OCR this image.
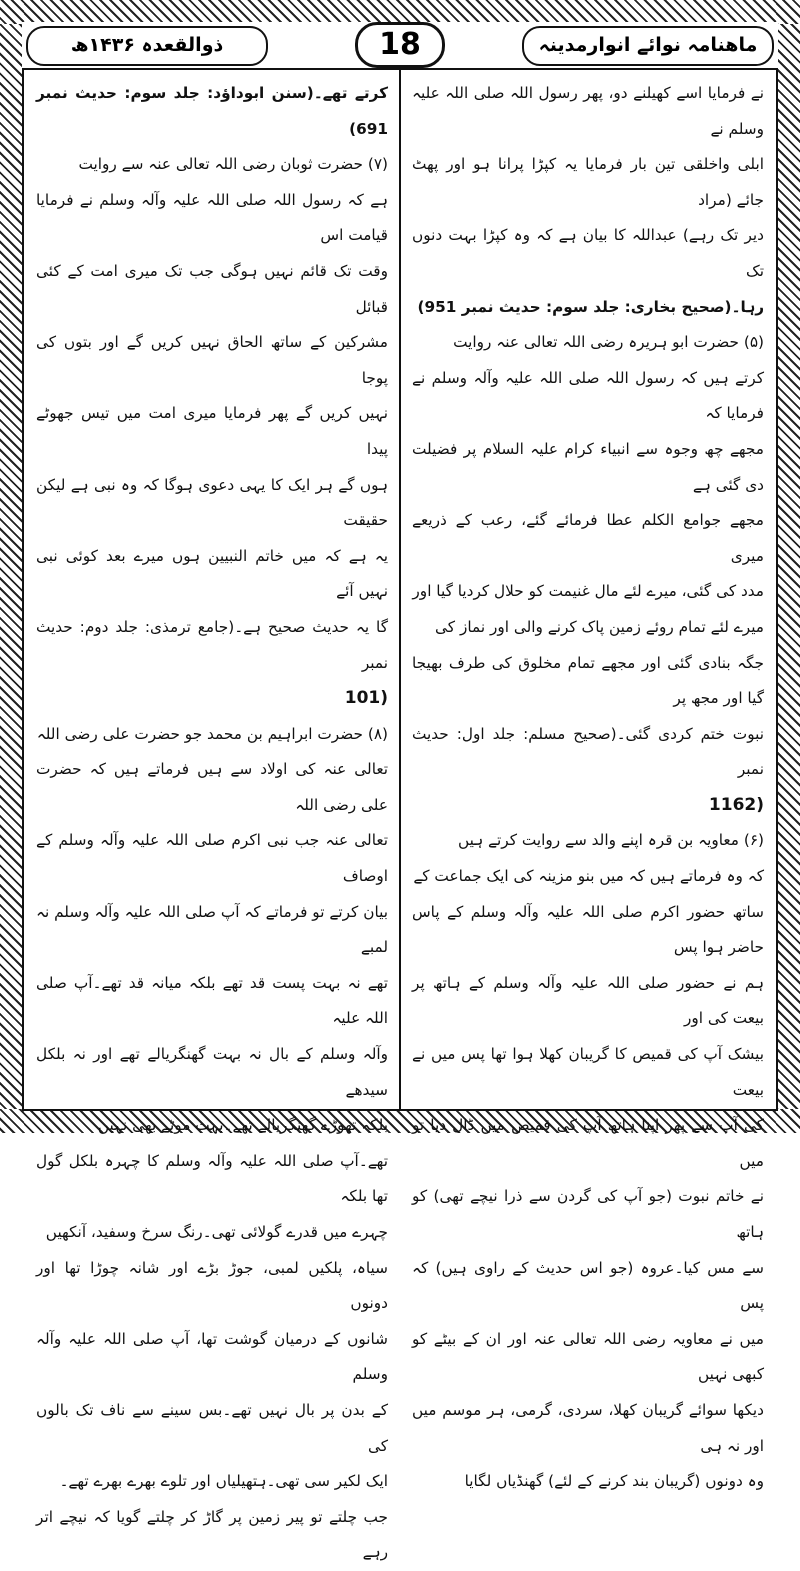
ماھنامہ نوائے انوارمدینہ
18
ذوالقعدہ ۱۴۳۶ھ

نے فرمایا اسے کھیلنے دو، پھر رسول اللہ صلی اللہ علیہ وسلم نے

ابلی واخلقی تین بار فرمایا یہ کپڑا پرانا ہو اور پھٹ جائے (مراد

دیر تک رہے) عبداللہ کا بیان ہے کہ وہ کپڑا بہت دنوں تک

رہا۔(صحیح بخاری: جلد سوم: حدیث نمبر 951)

(۵) حضرت ابو ہریرہ رضی اللہ تعالی عنہ روایت

کرتے ہیں کہ رسول اللہ صلی اللہ علیہ وآلہ وسلم نے فرمایا کہ

مجھے چھ وجوہ سے انبیاء کرام علیہ السلام پر فضیلت دی گئی ہے

مجھے جوامع الکلم عطا فرمائے گئے، رعب کے ذریعے میری

مدد کی گئی، میرے لئے مال غنیمت کو حلال کردیا گیا اور

میرے لئے تمام روئے زمین پاک کرنے والی اور نماز کی

جگہ بنادی گئی اور مجھے تمام مخلوق کی طرف بھیجا گیا اور مجھ پر

نبوت ختم کردی گئی۔(صحیح مسلم: جلد اول: حدیث نمبر

1162)

(۶) معاویہ بن قرہ اپنے والد سے روایت کرتے ہیں

کہ وہ فرماتے ہیں کہ میں بنو مزینہ کی ایک جماعت کے

ساتھ حضور اکرم صلی اللہ علیہ وآلہ وسلم کے پاس حاضر ہوا پس

ہم نے حضور صلی اللہ علیہ وآلہ وسلم کے ہاتھ پر بیعت کی اور

بیشک آپ کی قمیص کا گریبان کھلا ہوا تھا پس میں نے بیعت

کی آپ سے پھر اپنا ہاتھ آپ کی قمیص میں ڈال دیا تو میں

نے خاتم نبوت (جو آپ کی گردن سے ذرا نیچے تھی) کو ہاتھ

سے مس کیا۔عروہ (جو اس حدیث کے راوی ہیں) کہ پس

میں نے معاویہ رضی اللہ تعالی عنہ اور ان کے بیٹے کو کبھی نہیں

دیکھا سوائے گریبان کھلا، سردی، گرمی، ہر موسم میں اور نہ ہی

وہ دونوں (گریبان بند کرنے کے لئے) گھنڈیاں لگایا

کرتے تھے۔(سنن ابوداؤد: جلد سوم: حدیث نمبر 691)

(۷) حضرت ثوبان رضی اللہ تعالی عنہ سے روایت

ہے کہ رسول اللہ صلی اللہ علیہ وآلہ وسلم نے فرمایا قیامت اس

وقت تک قائم نہیں ہوگی جب تک میری امت کے کئی قبائل

مشرکین کے ساتھ الحاق نہیں کریں گے اور بتوں کی پوجا

نہیں کریں گے پھر فرمایا میری امت میں تیس جھوٹے پیدا

ہوں گے ہر ایک کا یہی دعوی ہوگا کہ وہ نبی ہے لیکن حقیقت

یہ ہے کہ میں خاتم النبیین ہوں میرے بعد کوئی نبی نہیں آئے

گا یہ حدیث صحیح ہے۔(جامع ترمذی: جلد دوم: حدیث نمبر

101)

(۸) حضرت ابراہیم بن محمد جو حضرت علی رضی اللہ

تعالی عنہ کی اولاد سے ہیں فرماتے ہیں کہ حضرت علی رضی اللہ

تعالی عنہ جب نبی اکرم صلی اللہ علیہ وآلہ وسلم کے اوصاف

بیان کرتے تو فرماتے کہ آپ صلی اللہ علیہ وآلہ وسلم نہ لمبے

تھے نہ بہت پست قد تھے بلکہ میانہ قد تھے۔آپ صلی اللہ علیہ

وآلہ وسلم کے بال نہ بہت گھنگریالے تھے اور نہ بلکل سیدھے

بلکہ تھوڑے گھنگریالے تھے۔بہت موٹے بھی نہیں

تھے۔آپ صلی اللہ علیہ وآلہ وسلم کا چہرہ بلکل گول تھا بلکہ

چہرے میں قدرے گولائی تھی۔رنگ سرخ وسفید، آنکھیں

سیاہ، پلکیں لمبی، جوڑ بڑے اور شانہ چوڑا تھا اور دونوں

شانوں کے درمیان گوشت تھا، آپ صلی اللہ علیہ وآلہ وسلم

کے بدن پر بال نہیں تھے۔بس سینے سے ناف تک بالوں کی

ایک لکیر سی تھی۔ہتھیلیاں اور تلوے بھرے بھرے تھے۔

جب چلتے تو پیر زمین پر گاڑ کر چلتے گویا کہ نیچے اتر رہے
